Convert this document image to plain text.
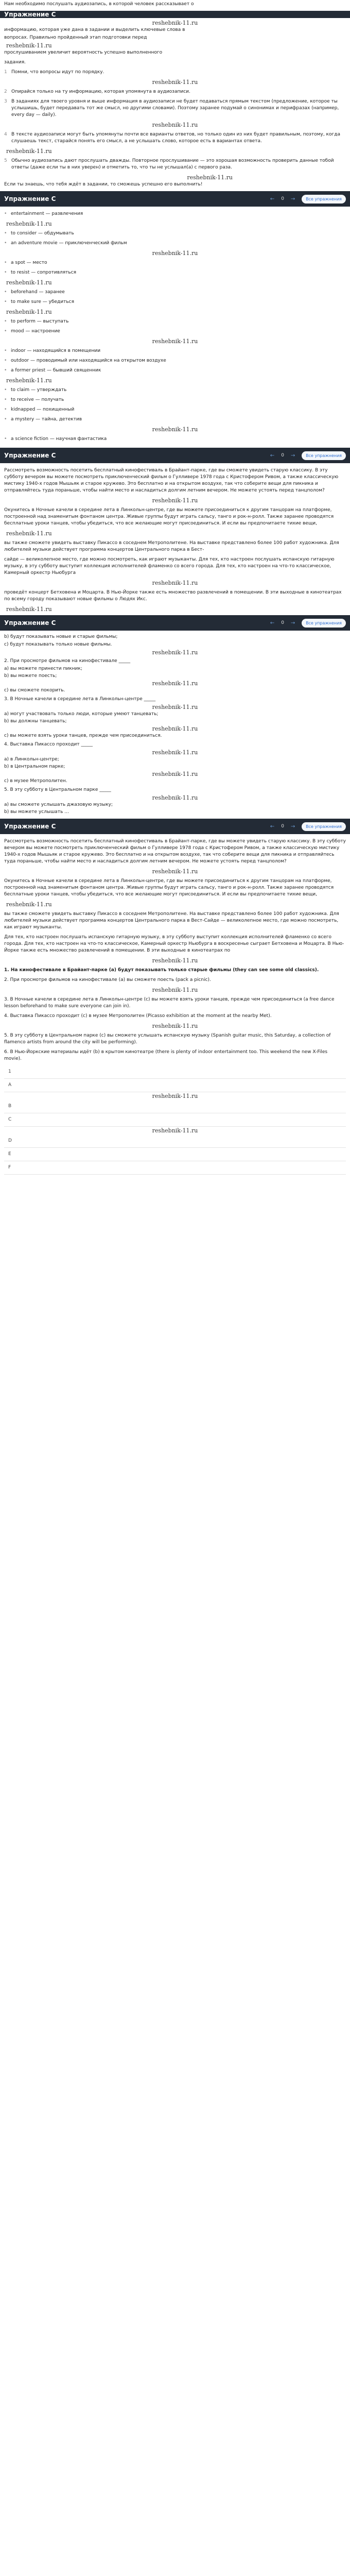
Нам необходимо послушать аудиозапись, в которой человек рассказывает о
Упражнение С
reshebnik-11.ru
информацию, которая уже дана в задании и выделить ключевые слова в
вопросах. Правильно пройденный этап подготовки перед
reshebnik-11.ru
прослушиванием увеличит вероятность успешно выполненного
задания.
1 Помни, что вопросы идут по порядку.
reshebnik-11.ru
2 Опирайся только на ту информацию, которая упомянута в аудиозаписи.
3 В заданиях для твоего уровня и выше информация в аудиозаписи не будет подаваться прямым текстом (предложение, которое ты услышишь, будет передавать тот же смысл, но другими словами). Поэтому заранее подумай о синонимах и перифразах (например, every day — daily).
reshebnik-11.ru
4 В тексте аудиозаписи могут быть упомянуты почти все варианты ответов, но только один из них будет правильным, поэтому, когда слушаешь текст, старайся понять его смысл, а не услышать слово, которое есть в вариантах ответа.
reshebnik-11.ru
5 Обычно аудиозапись дают прослушать дважды. Повторное прослушивание — это хорошая возможность проверить данные тобой ответы (даже если ты в них уверен) и отметить то, что ты не услышал(а) с первого раза.
reshebnik-11.ru
Если ты знаешь, что тебя ждёт в задании, то сможешь успешно его выполнить!
Упражнение С	←	0	→	Все упражнения
• entertainment — развлечения
reshebnik-11.ru
• to consider — обдумывать
• an adventure movie — приключенческий фильм
reshebnik-11.ru
• a spot — место
• to resist — сопротивляться
reshebnik-11.ru
• beforehand — заранее
• to make sure — убедиться
reshebnik-11.ru
• to perform — выступать
• mood — настроение
reshebnik-11.ru
• indoor — находящийся в помещении
• outdoor — проводимый или находящийся на открытом воздухе
• a former priest — бывший священник
reshebnik-11.ru
• to claim — утверждать
• to receive — получать
• kidnapped — похищенный
• a mystery — тайна, детектив
reshebnik-11.ru
• a science fiction — научная фантастика
Упражнение С	←	0	→	Все упражнения
Рассмотреть возможность посетить бесплатный кинофестиваль в Брайант-парке, где вы сможете увидеть старую классику. В эту субботу вечером вы можете посмотреть приключенческий фильм о Гулливере 1978 года с Кристофером Ривом, а также классическую мистику 1940-х годов Мышьяк и старое кружево. Это бесплатно и на открытом воздухе, так что соберите вещи для пикника и отправляйтесь туда пораньше, чтобы найти место и насладиться долгим летним вечером. Не можете устоять перед танцполом?
reshebnik-11.ru
Окунитесь в Ночные качели в середине лета в Линкольн-центре, где вы можете присоединиться к другим танцорам на платформе, построенной над знаменитым фонтаном центра. Живые группы будут играть сальсу, танго и рок-н-ролл. Также заранее проводятся бесплатные уроки танцев, чтобы убедиться, что все желающие могут присоединиться. И если вы предпочитаете тихие вещи,
reshebnik-11.ru
вы также сможете увидеть выставку Пикассо в соседнем Метрополитене. На выставке представлено более 100 работ художника. Для любителей музыки действует программа концертов Центрального парка в Бест-
сайде — великолепное место, где можно посмотреть, как играют музыканты. Для тех, кто настроен послушать испанскую гитарную музыку, в эту субботу выступит коллекция исполнителей фламенко со всего города. Для тех, кто настроен на что-то классическое, Камерный оркестр Ньюбурга
reshebnik-11.ru
проведёт концерт Бетховена и Моцарта. В Нью-Йорке также есть множество развлечений в помещении. В эти выходные в кинотеатрах по всему городу показывают новые фильмы о Людях Икс.
reshebnik-11.ru
Упражнение С	←	0	→	Все упражнения
b) будут показывать новые и старые фильмы;
c) будут показывать только новые фильмы.
reshebnik-11.ru
2. При просмотре фильмов на кинофестивале _____
a) вы можете принести пикник;
b) вы можете поесть;
reshebnik-11.ru
c) вы сможете покорить.
3. В Ночные качели в середине лета в Линкольн-центре _____
reshebnik-11.ru
a) могут участвовать только люди, которые умеют танцевать;
b) вы должны танцевать;
reshebnik-11.ru
c) вы можете взять уроки танцев, прежде чем присоединиться.
4. Выставка Пикассо проходит _____
reshebnik-11.ru
a) в Линкольн-центре;
b) в Центральном парке;
reshebnik-11.ru
c) в музее Метрополитен.
5. В эту субботу в Центральном парке _____
reshebnik-11.ru
a) вы сможете услышать джазовую музыку;
b) вы можете услышать ...
Упражнение С	←	0	→	Все упражнения
Рассмотреть возможность посетить бесплатный кинофестиваль в Брайант-парке, где вы можете увидеть старую классику. В эту субботу вечером вы можете посмотреть приключенческий фильм о Гулливере 1978 года с Кристофером Ривом, а также классическую мистику 1940-х годов Мышьяк и старое кружево. Это бесплатно и на открытом воздухе, так что соберите вещи для пикника и отправляйтесь туда пораньше, чтобы найти место и насладиться долгим летним вечером. Не можете устоять перед танцполом?
reshebnik-11.ru
Окунитесь в Ночные качели в середине лета в Линкольн-центре, где вы можете присоединиться к другим танцорам на платформе, построенной над знаменитым фонтаном центра. Живые группы будут играть сальсу, танго и рок-н-ролл. Также заранее проводятся бесплатные уроки танцев, чтобы убедиться, что все желающие могут присоединиться. И если вы предпочитаете тихие вещи,
reshebnik-11.ru
вы также сможете увидеть выставку Пикассо в соседнем Метрополитене. На выставке представлено более 100 работ художника. Для любителей музыки действует программа концертов Центрального парка в Вест-Сайде — великолепное место, где можно посмотреть, как играют музыканты.
Для тех, кто настроен послушать испанскую гитарную музыку, в эту субботу выступит коллекция исполнителей фламенко со всего города. Для тех, кто настроен на что-то классическое, Камерный оркестр Ньюбурга в воскресенье сыграет Бетховена и Моцарта. В Нью-Йорке также есть множество развлечений в помещении. В эти выходные в кинотеатрах по
reshebnik-11.ru
1. На кинофестивале в Брайант-парке (а) будут показывать только старые фильмы (they can see some old classics).
2. При просмотре фильмов на кинофестивале (а) вы сможете поесть (pack a picnic).
reshebnik-11.ru
3. В Ночные качели в середине лета в Линкольн-центре (c) вы можете взять уроки танцев, прежде чем присоединиться (a free dance lesson beforehand to make sure everyone can join in).
4. Выставка Пикассо проходит (c) в музее Метрополитен (Picasso exhibition at the moment at the nearby Met).
reshebnik-11.ru
5. В эту субботу в Центральном парке (c) вы сможете услышать испанскую музыку (Spanish guitar music, this Saturday, a collection of flamenco artists from around the city will be performing).
6. В Нью-Йоркские материалы идёт (b) в крытом кинотеатре (there is plenty of indoor entertainment too. This weekend the new X-Files movie).
1
A
reshebnik-11.ru
B
C
reshebnik-11.ru
D
E
F
